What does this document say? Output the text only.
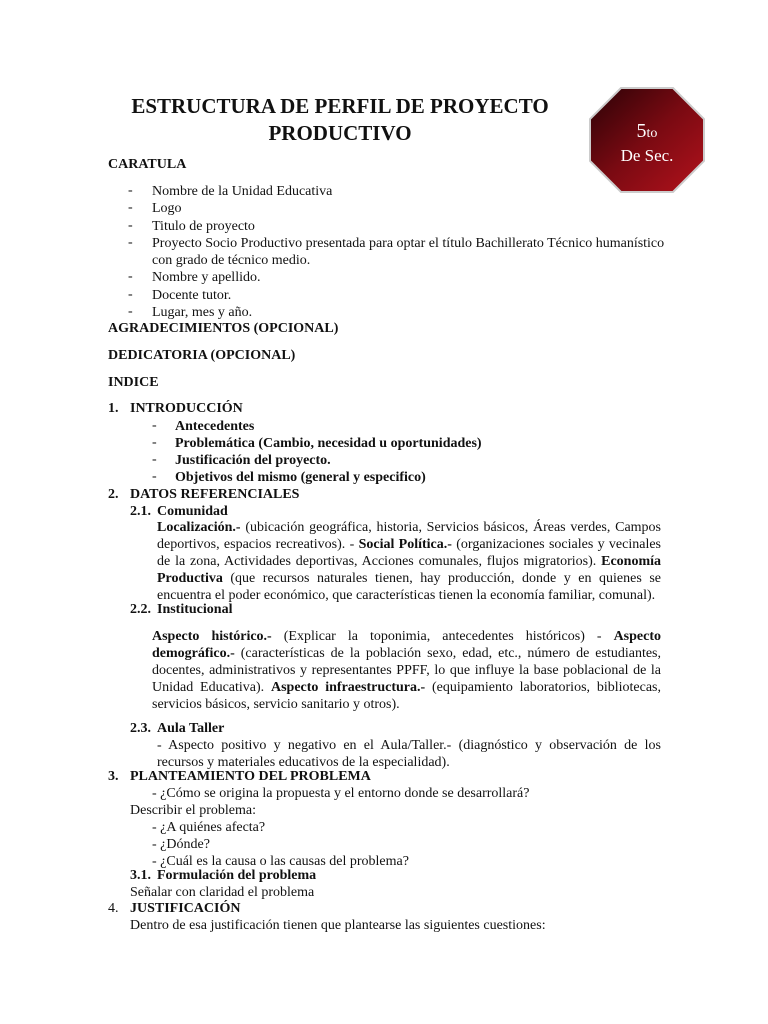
ESTRUCTURA DE PERFIL DE PROYECTO
PRODUCTIVO	5to
De Sec.
CARATULA
- Nombre de la Unidad Educativa
- Logo
- Titulo de proyecto
- Proyecto Socio Productivo presentada para optar el título Bachillerato Técnico humanístico
con grado de técnico medio.
- Nombre y apellido.
- Docente tutor.
- Lugar, mes y año.
AGRADECIMIENTOS (OPCIONAL)
DEDICATORIA (OPCIONAL)
INDICE
1. INTRODUCCIÓN
- Antecedentes
- Problemática (Cambio, necesidad u oportunidades)
- Justificación del proyecto.
- Objetivos del mismo (general y especifico)
2. DATOS REFERENCIALES
2.1. Comunidad
Localización.- (ubicación geográfica, historia, Servicios básicos, Áreas verdes, Campos deportivos, espacios recreativos). - Social Política.- (organizaciones sociales y vecinales de la zona, Actividades deportivas, Acciones comunales, flujos migratorios). Economía Productiva (que recursos naturales tienen, hay producción, donde y en quienes se encuentra el poder económico, que características tienen la economía familiar, comunal).
2.2. Institucional
Aspecto histórico.- (Explicar la toponimia, antecedentes históricos) - Aspecto demográfico.- (características de la población sexo, edad, etc., número de estudiantes, docentes, administrativos y representantes PPFF, lo que influye la base poblacional de la Unidad Educativa). Aspecto infraestructura.- (equipamiento laboratorios, bibliotecas, servicios básicos, servicio sanitario y otros).
2.3. Aula Taller
- Aspecto positivo y negativo en el Aula/Taller.- (diagnóstico y observación de los recursos y materiales educativos de la especialidad).
3. PLANTEAMIENTO DEL PROBLEMA
- ¿Cómo se origina la propuesta y el entorno donde se desarrollará?
Describir el problema:
- ¿A quiénes afecta?
- ¿Dónde?
- ¿Cuál es la causa o las causas del problema?
3.1. Formulación del problema
Señalar con claridad el problema
4. JUSTIFICACIÓN
Dentro de esa justificación tienen que plantearse las siguientes cuestiones:
